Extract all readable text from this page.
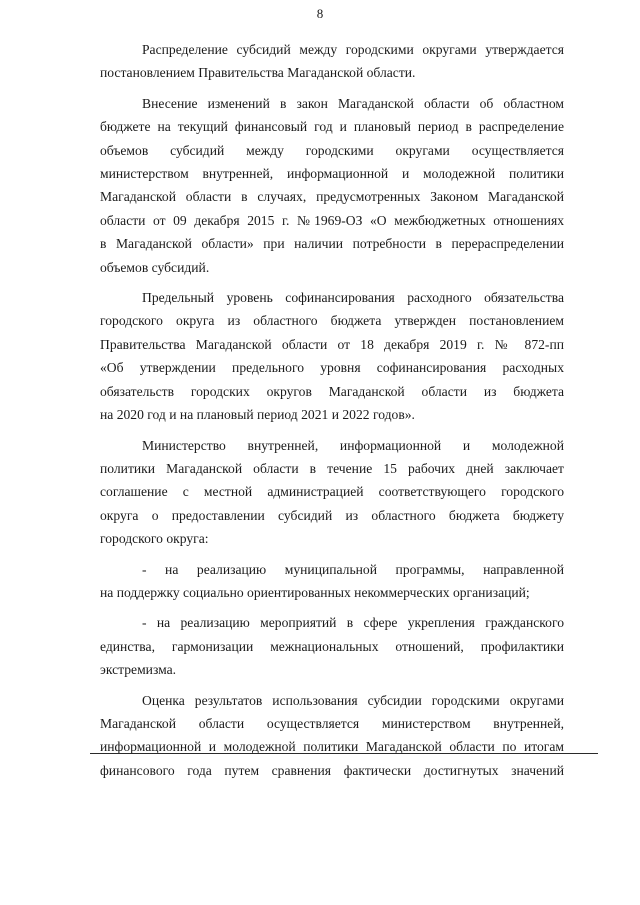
8

Распределение субсидий между городскими округами утверждается
постановлением Правительства Магаданской области.

Внесение изменений в закон Магаданской области об областном
бюджете на текущий финансовый год и плановый период в распределение
объемов субсидий между городскими округами осуществляется
министерством внутренней, информационной и молодежной политики
Магаданской области в случаях, предусмотренных Законом Магаданской
области от 09 декабря 2015 г. №1969-ОЗ «О межбюджетных отношениях
в Магаданской области» при наличии потребности в перераспределении
объемов субсидий.

Предельный уровень софинансирования расходного обязательства
городского округа из областного бюджета утвержден постановлением
Правительства Магаданской области от 18 декабря 2019 г. № 872-пп
«Об утверждении предельного уровня софинансирования расходных
обязательств городских округов Магаданской области из бюджета
на 2020 год и на плановый период 2021 и 2022 годов».

Министерство внутренней, информационной и молодежной
политики Магаданской области в течение 15 рабочих дней заключает
соглашение с местной администрацией соответствующего городского
округа о предоставлении субсидий из областного бюджета бюджету
городского округа:

- на реализацию муниципальной программы, направленной
на поддержку социально ориентированных некоммерческих организаций;

- на реализацию мероприятий в сфере укрепления гражданского
единства, гармонизации межнациональных отношений, профилактики
экстремизма.

Оценка результатов использования субсидии городскими округами
Магаданской области осуществляется министерством внутренней,
информационной и молодежной политики Магаданской области по итогам
финансового года путем сравнения фактически достигнутых значений
